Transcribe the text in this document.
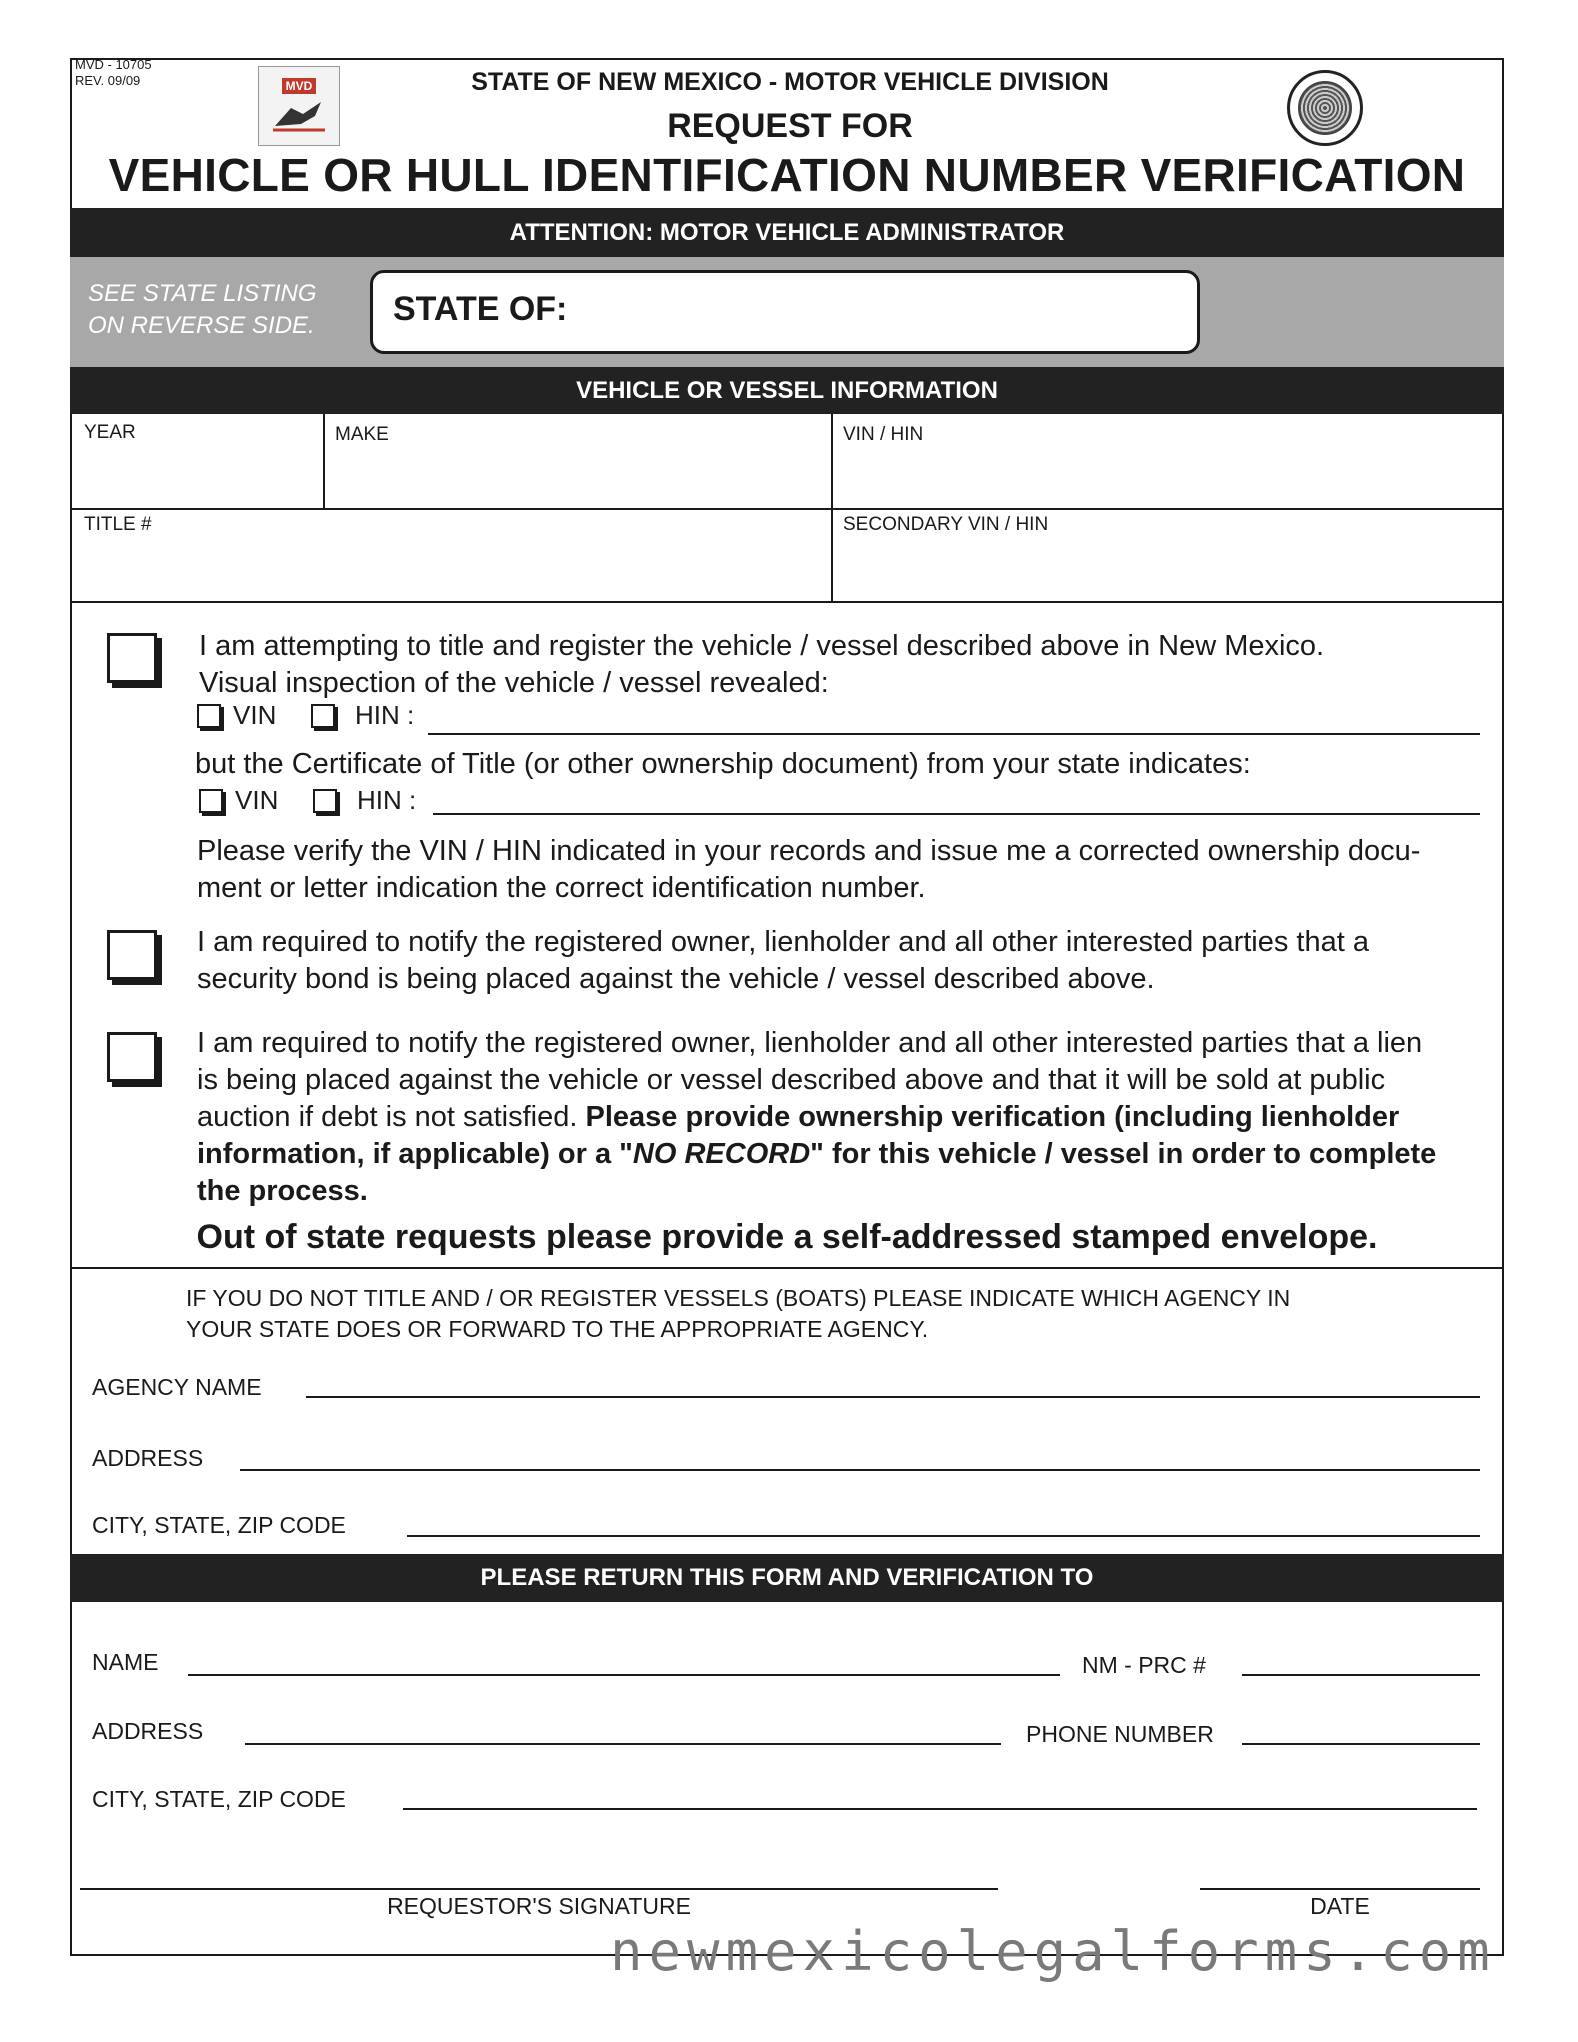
MVD - 10705
REV. 09/09	MVD	STATE OF NEW MEXICO - MOTOR VEHICLE DIVISION
REQUEST FOR
VEHICLE OR HULL IDENTIFICATION NUMBER VERIFICATION
ATTENTION: MOTOR VEHICLE ADMINISTRATOR
SEE STATE LISTING
ON REVERSE SIDE. STATE OF:
VEHICLE OR VESSEL INFORMATION
YEAR	MAKE	VIN / HIN
TITLE #	SECONDARY VIN / HIN
I am attempting to title and register the vehicle / vessel described above in New Mexico.
Visual inspection of the vehicle / vessel revealed:
VIN	HIN :
but the Certificate of Title (or other ownership document) from your state indicates:
VIN	HIN :
Please verify the VIN / HIN indicated in your records and issue me a corrected ownership docu-
ment or letter indication the correct identification number.
I am required to notify the registered owner, lienholder and all other interested parties that a
security bond is being placed against the vehicle / vessel described above.
I am required to notify the registered owner, lienholder and all other interested parties that a lien
is being placed against the vehicle or vessel described above and that it will be sold at public
auction if debt is not satisfied. Please provide ownership verification (including lienholder
information, if applicable) or a "NO RECORD" for this vehicle / vessel in order to complete
the process.
Out of state requests please provide a self-addressed stamped envelope.
IF YOU DO NOT TITLE AND / OR REGISTER VESSELS (BOATS) PLEASE INDICATE WHICH AGENCY IN
YOUR STATE DOES OR FORWARD TO THE APPROPRIATE AGENCY.
AGENCY NAME
ADDRESS
CITY, STATE, ZIP CODE
PLEASE RETURN THIS FORM AND VERIFICATION TO
NAME	NM - PRC #
ADDRESS	PHONE NUMBER
CITY, STATE, ZIP CODE
REQUESTOR'S SIGNATURE	DATE
newmexicolegalforms.com
